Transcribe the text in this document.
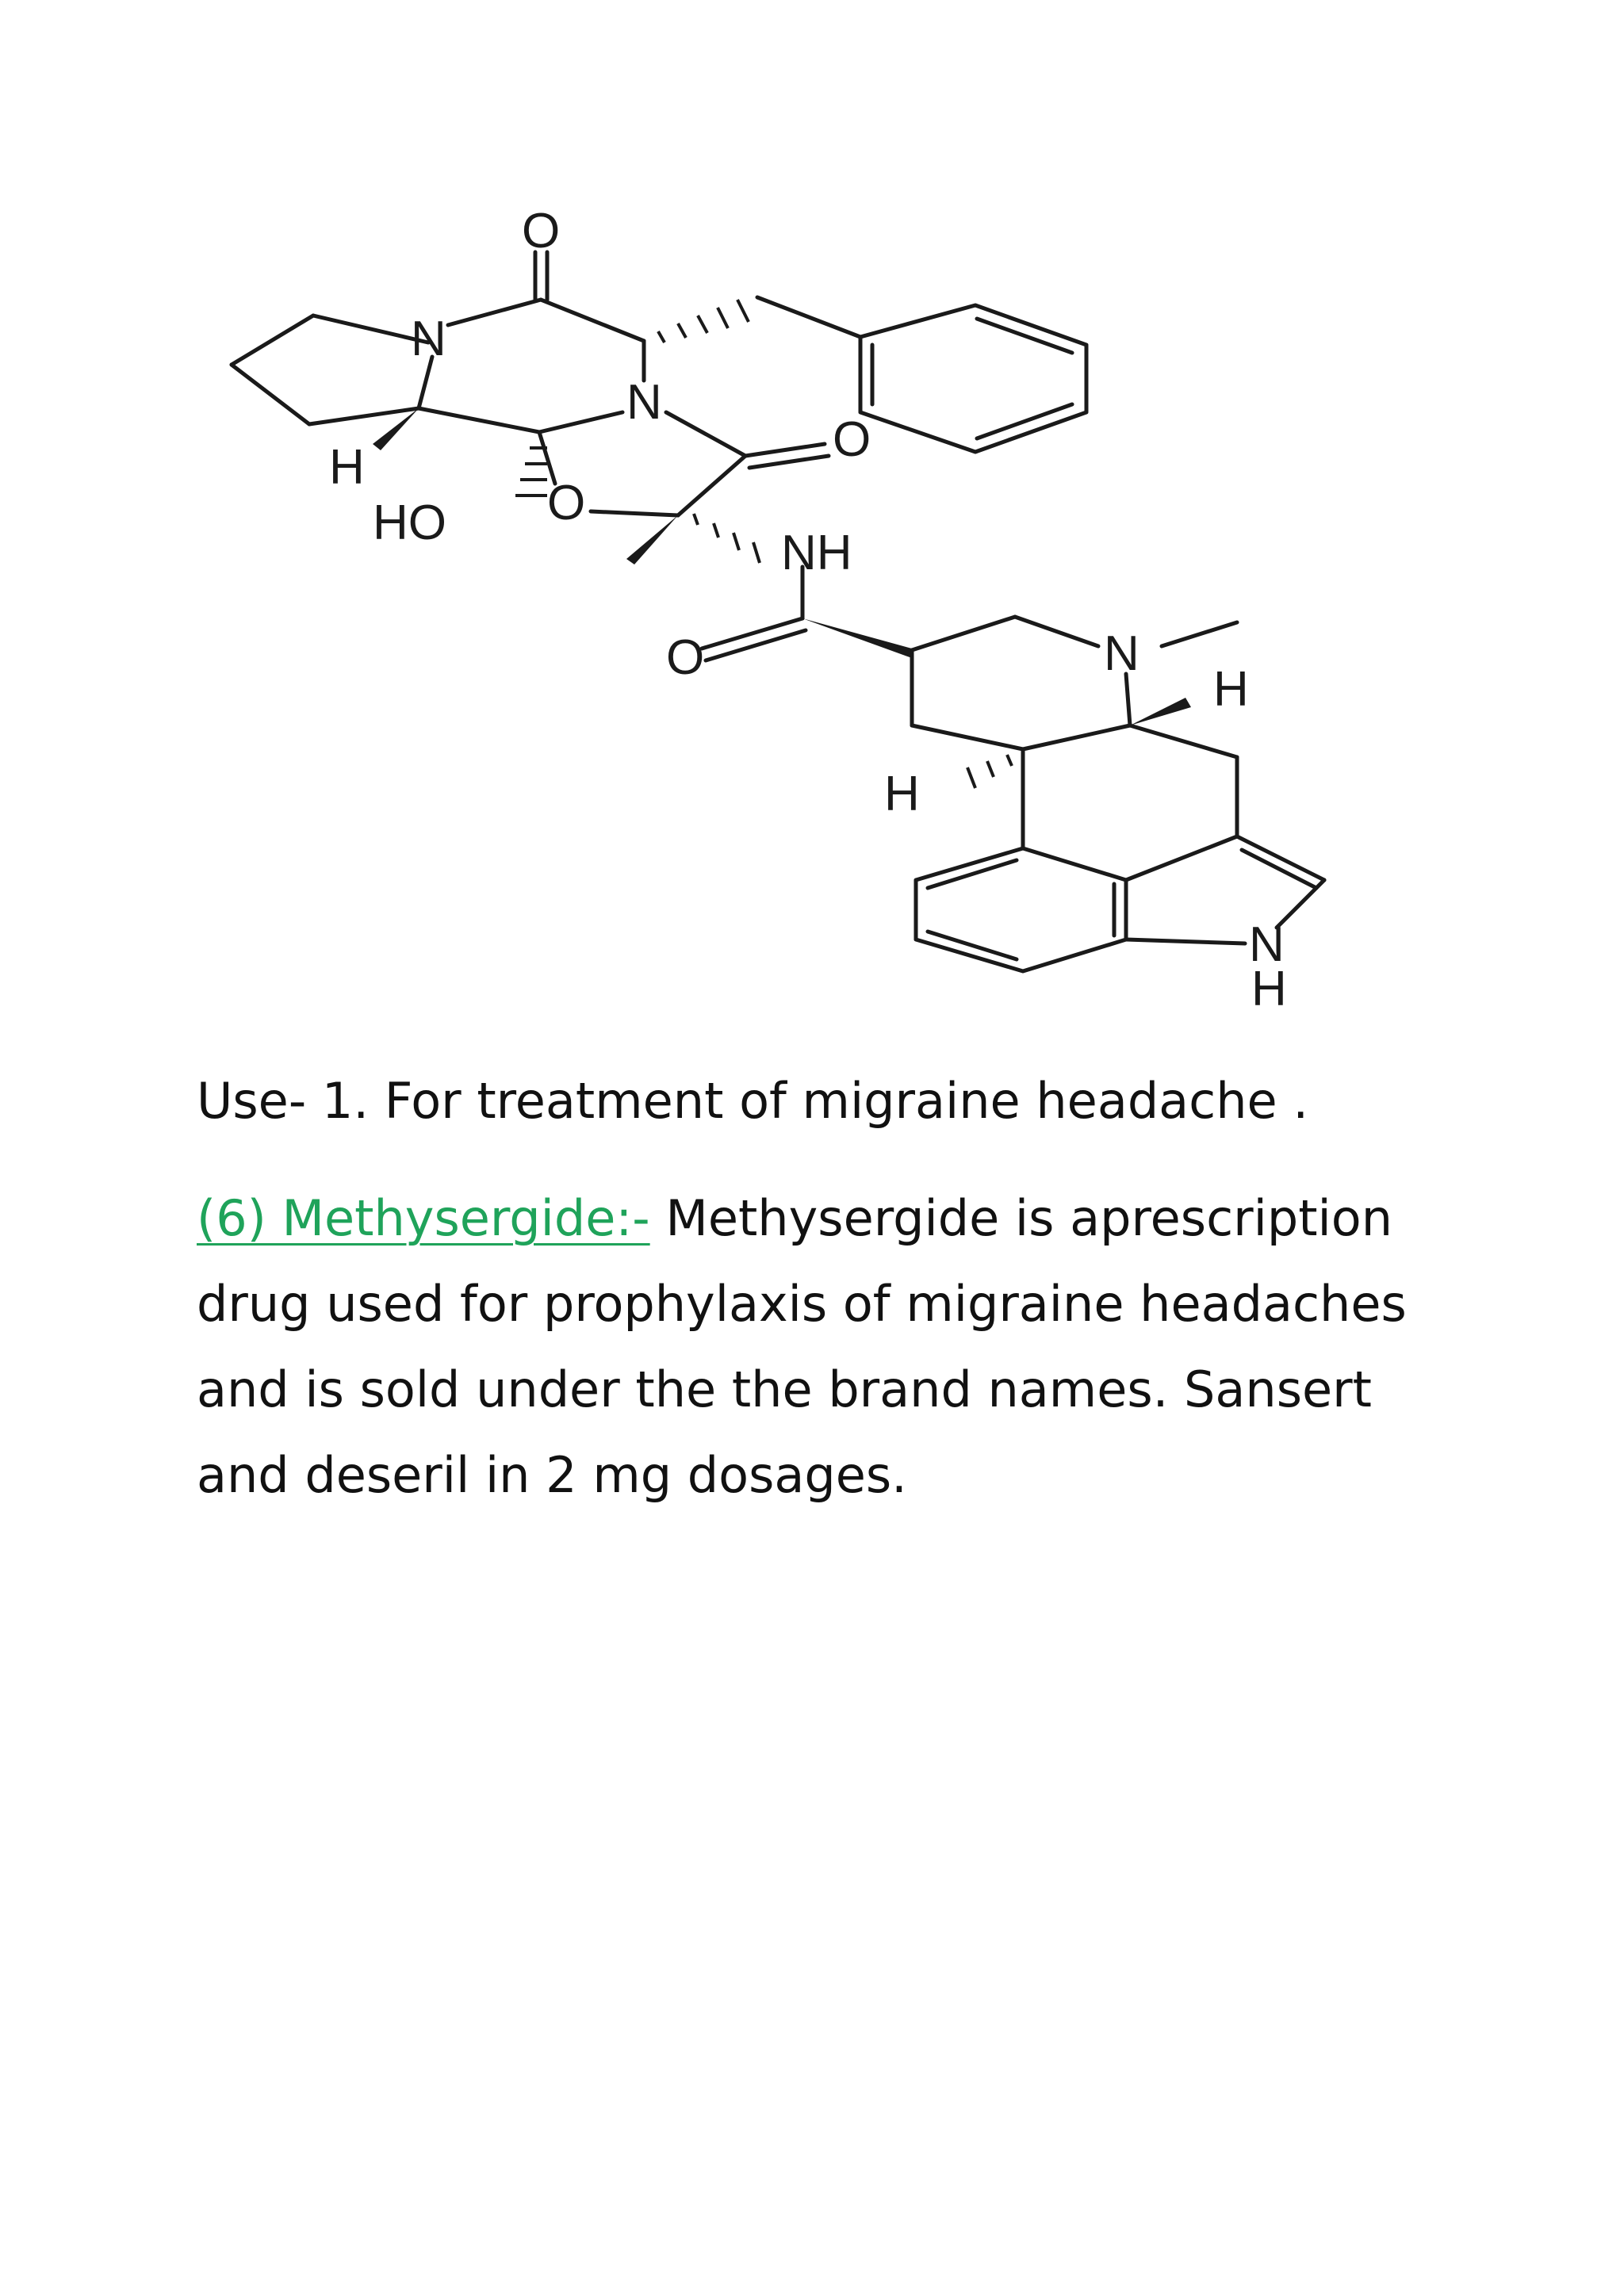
O
N
N
O
H
HO O
NH
O	N
H
H
N
H
Use- 1. For treatment of migraine headache .
(6) Methysergide:- Methysergide is aprescription
drug used for prophylaxis of migraine headaches
and is sold under the the brand names. Sansert
and deseril in 2 mg dosages.
